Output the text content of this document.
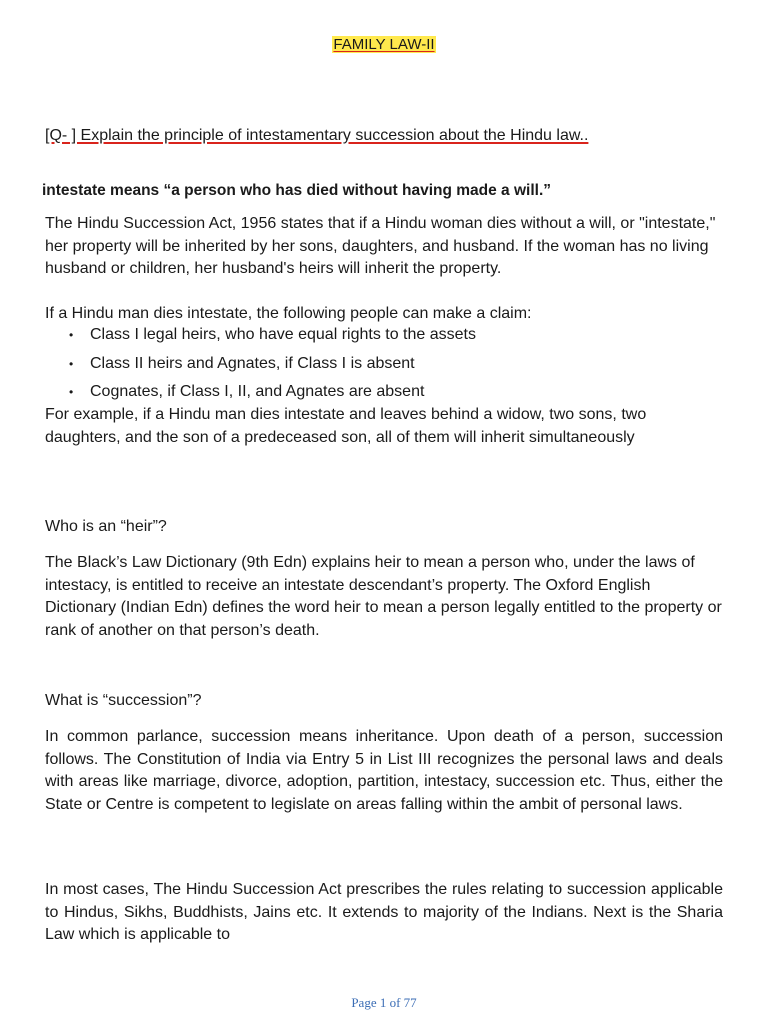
FAMILY LAW-II
[Q- ] Explain the principle of intestamentary succession about the Hindu law..
intestate means “a person who has died without having made a will.”

The Hindu Succession Act, 1956 states that if a Hindu woman dies without a will, or "intestate," her property will be inherited by her sons, daughters, and husband. If the woman has no living husband or children, her husband's heirs will inherit the property.

If a Hindu man dies intestate, the following people can make a claim:

• Class I legal heirs, who have equal rights to the assets
• Class II heirs and Agnates, if Class I is absent
• Cognates, if Class I, II, and Agnates are absent

For example, if a Hindu man dies intestate and leaves behind a widow, two sons, two daughters, and the son of a predeceased son, all of them will inherit simultaneously

Who is an “heir”?

The Black’s Law Dictionary (9th Edn) explains heir to mean a person who, under the laws of intestacy, is entitled to receive an intestate descendant’s property. The Oxford English Dictionary (Indian Edn) defines the word heir to mean a person legally entitled to the property or rank of another on that person’s death.

What is “succession”?

In common parlance, succession means inheritance. Upon death of a person, succession follows. The Constitution of India via Entry 5 in List III recognizes the personal laws and deals with areas like marriage, divorce, adoption, partition, intestacy, succession etc. Thus, either the State or Centre is competent to legislate on areas falling within the ambit of personal laws.

In most cases, The Hindu Succession Act prescribes the rules relating to succession applicable to Hindus, Sikhs, Buddhists, Jains etc. It extends to majority of the Indians. Next is the Sharia Law which is applicable to

Page 1 of 77
